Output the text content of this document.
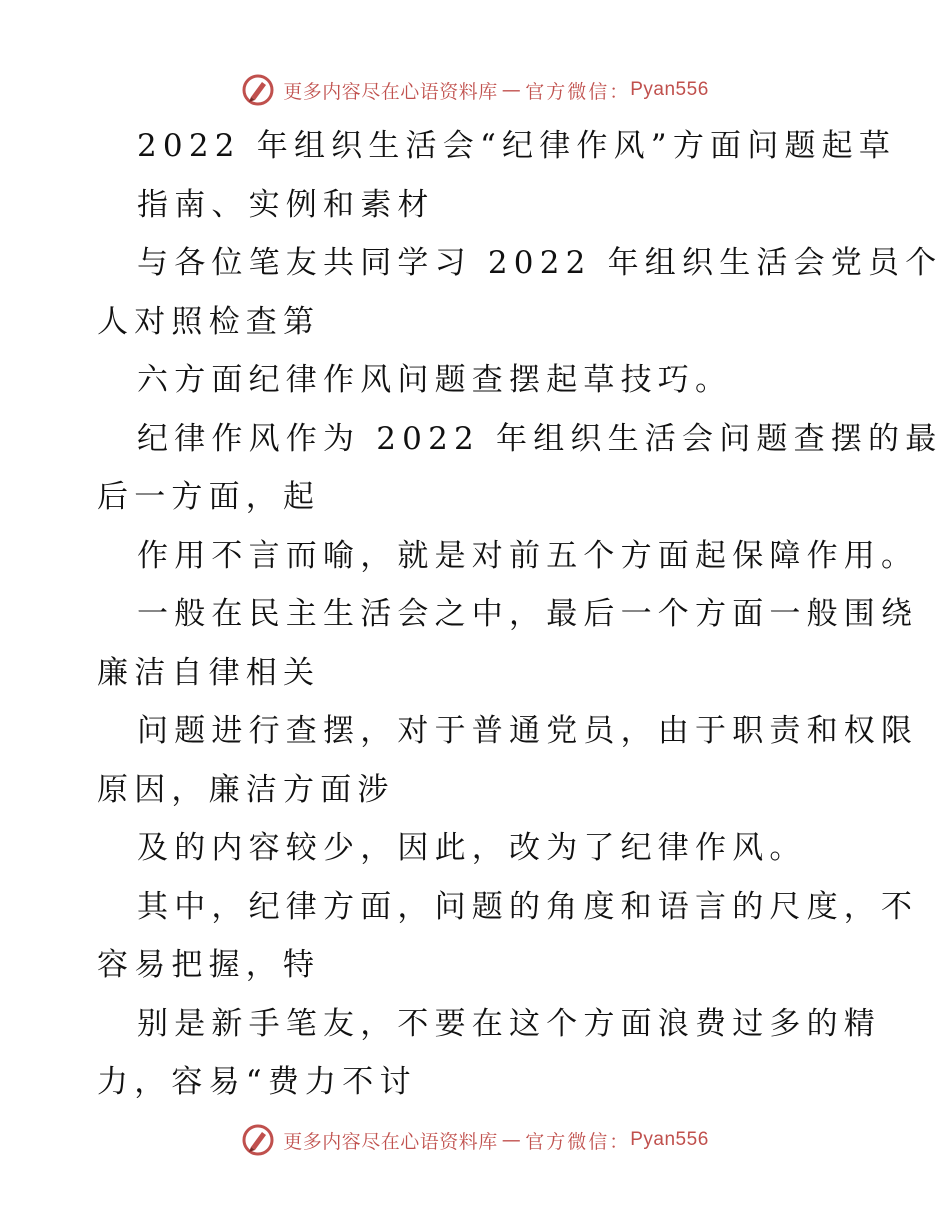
更多内容尽在心语资料库 — 官方微信： Pyan556

2022 年组织生活会“纪律作风”方面问题起草

指南、实例和素材

与各位笔友共同学习 2022 年组织生活会党员个

人对照检查第

六方面纪律作风问题查摆起草技巧。

纪律作风作为 2022 年组织生活会问题查摆的最

后一方面，起

作用不言而喻，就是对前五个方面起保障作用。

一般在民主生活会之中，最后一个方面一般围绕

廉洁自律相关

问题进行查摆，对于普通党员，由于职责和权限

原因，廉洁方面涉

及的内容较少，因此，改为了纪律作风。

其中，纪律方面，问题的角度和语言的尺度，不

容易把握，特

别是新手笔友，不要在这个方面浪费过多的精

力，容易“费力不讨

更多内容尽在心语资料库 — 官方微信： Pyan556
